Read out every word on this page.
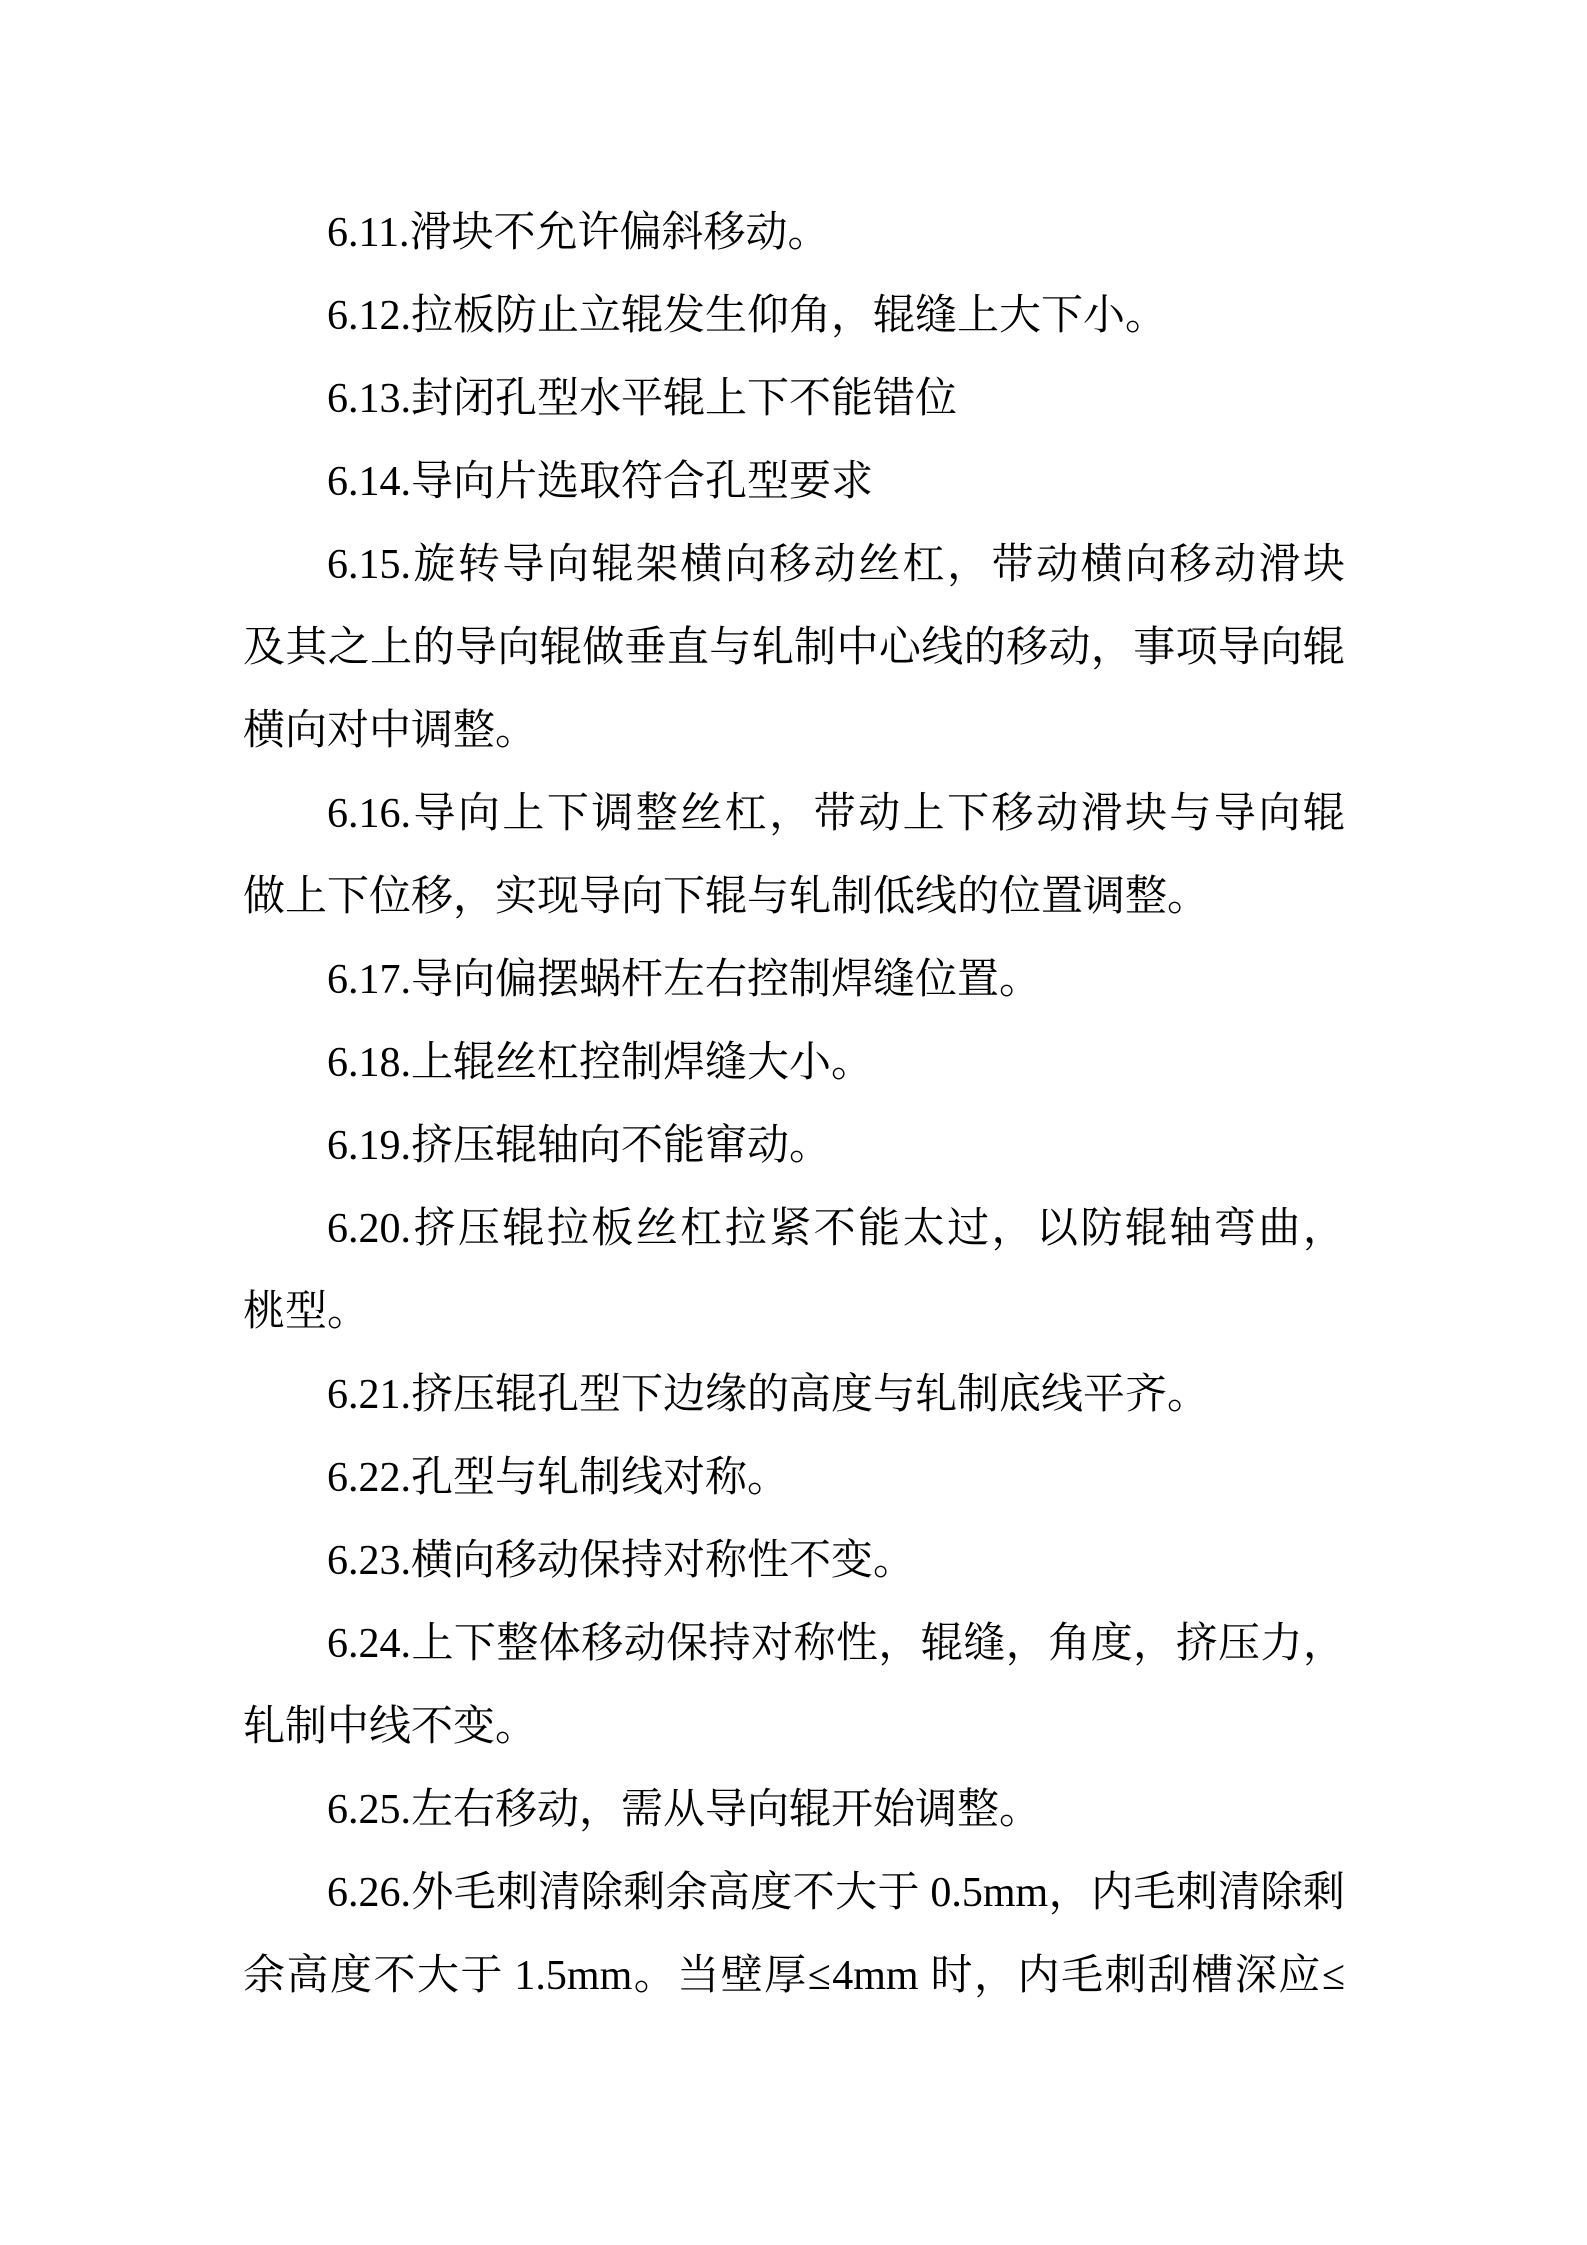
6.11.滑块不允许偏斜移动。
6.12.拉板防止立辊发生仰角，辊缝上大下小。
6.13.封闭孔型水平辊上下不能错位
6.14.导向片选取符合孔型要求
6.15. 旋 转 导 向 辊 架 横 向 移 动 丝 杠 ， 带 动 横 向 移 动 滑 块
及 其 之 上 的 导 向 辊 做 垂 直 与 轧 制 中 心 线 的 移 动 ， 事 项 导 向 辊
横向对中调整。
6.16. 导 向 上 下 调 整 丝 杠 ， 带 动 上 下 移 动 滑 块 与 导 向 辊
做上下位移，实现导向下辊与轧制低线的位置调整。
6.17.导向偏摆蜗杆左右控制焊缝位置。
6.18.上辊丝杠控制焊缝大小。
6.19.挤压辊轴向不能窜动。
6.20. 挤 压 辊 拉 板 丝 杠 拉 紧 不 能 太 过 ， 以 防 辊 轴 弯 曲 ，
桃型。
6.21.挤压辊孔型下边缘的高度与轧制底线平齐。
6.22.孔型与轧制线对称。
6.23.横向移动保持对称性不变。
6.24. 上 下 整 体 移 动 保 持 对 称 性 ， 辊 缝 ， 角 度 ， 挤 压 力 ，
轧制中线不变。
6.25.左右移动，需从导向辊开始调整。
6.26. 外 毛 刺 清 除 剩 余 高 度 不 大 于 0.5mm ， 内 毛 刺 清 除 剩
余 高 度 不 大 于 1.5mm 。 当 壁 厚 ≤ 4mm 时 ， 内 毛 刺 刮 槽 深 应 ≤
